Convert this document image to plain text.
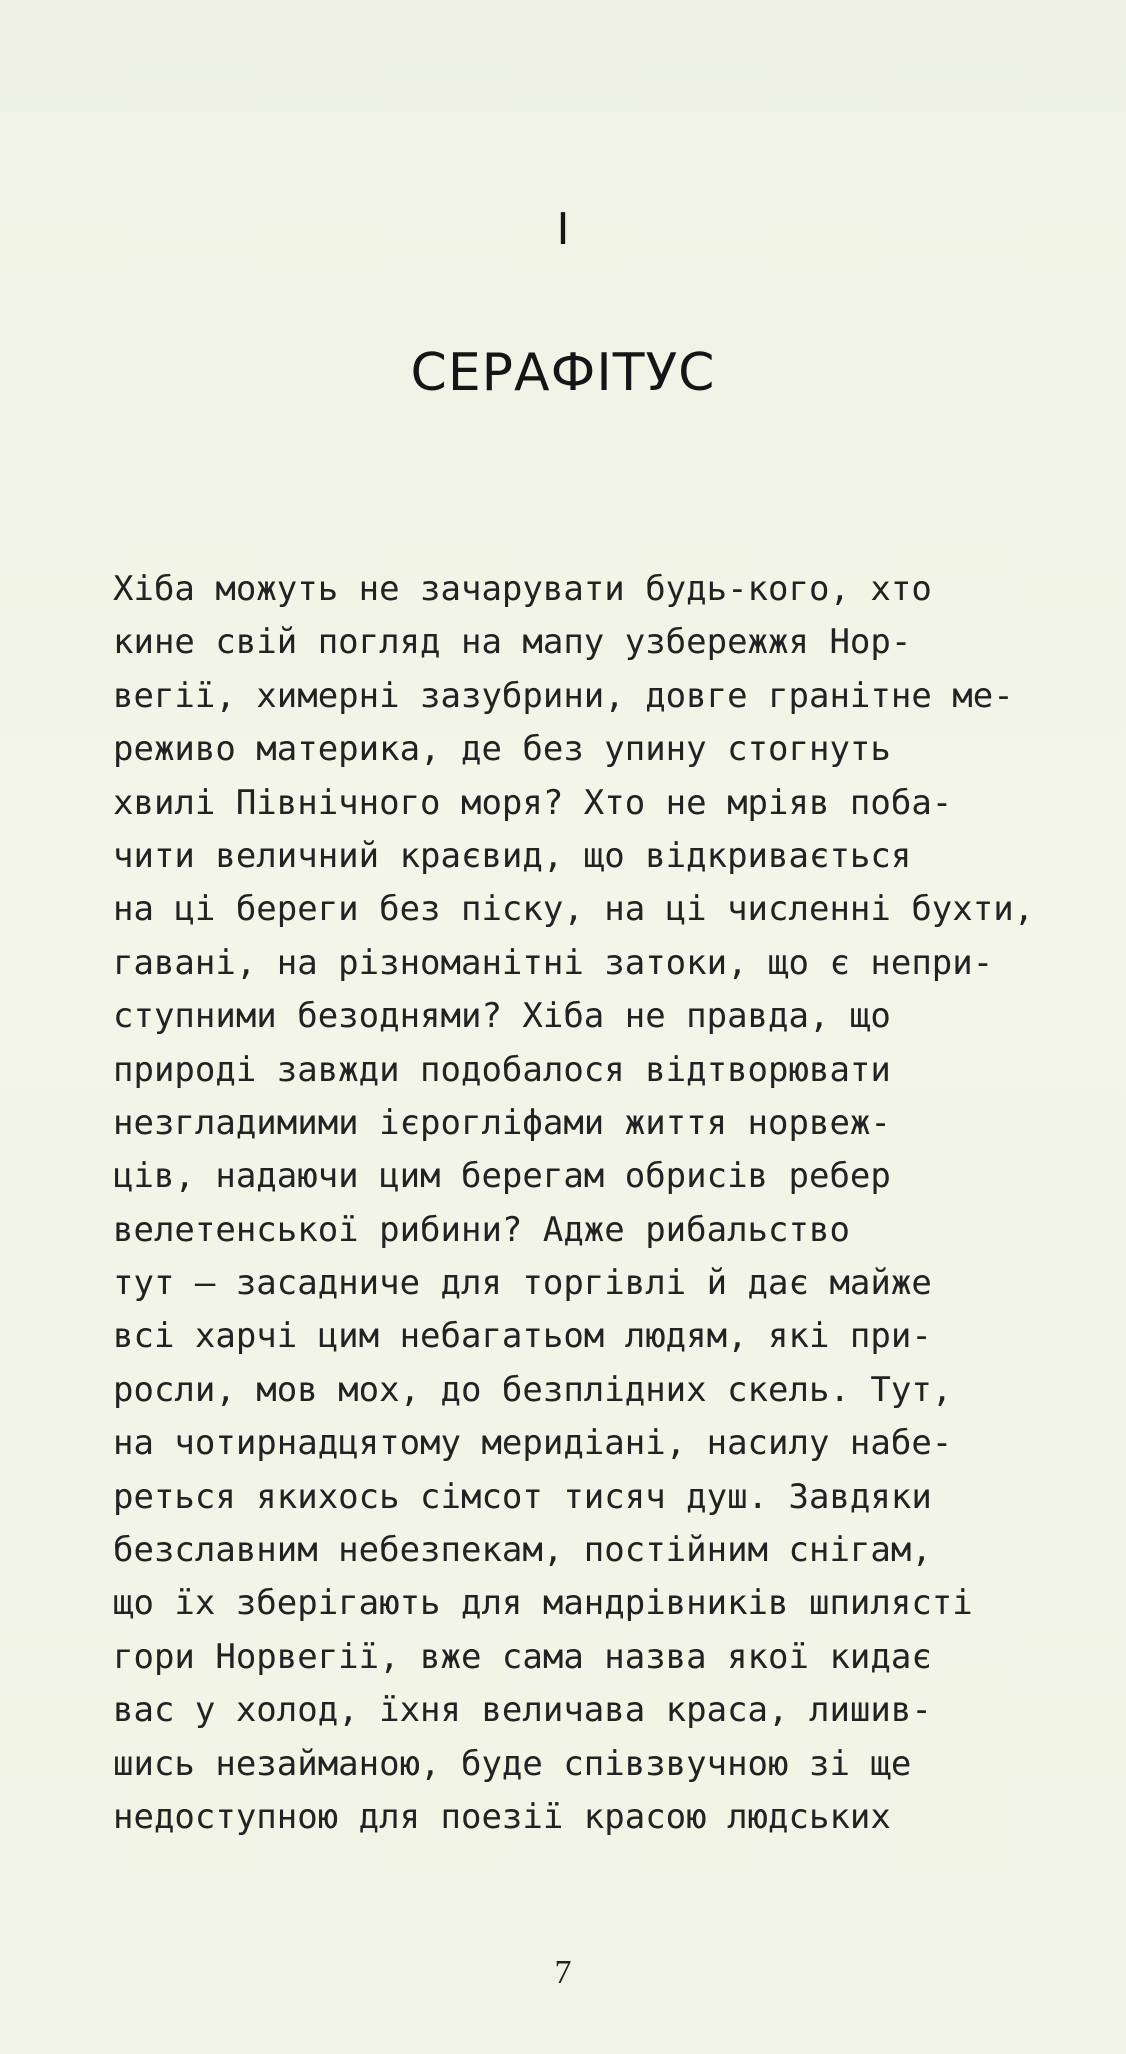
I
СЕРАФІТУС
Хіба можуть не зачарувати будь-кого, хто
кине свій погляд на мапу узбережжя Нор-
вегії, химерні зазубрини, довге гранітне ме-
реживо материка, де без упину стогнуть
хвилі Північного моря? Хто не мріяв поба-
чити величний краєвид, що відкривається
на ці береги без піску, на ці численні бухти,
гавані, на різноманітні затоки, що є непри-
ступними безоднями? Хіба не правда, що
природі завжди подобалося відтворювати
незгладимими ієрогліфами життя норвеж-
ців, надаючи цим берегам обрисів ребер
велетенської рибини? Адже рибальство
тут — засадниче для торгівлі й дає майже
всі харчі цим небагатьом людям, які при-
росли, мов мох, до безплідних скель. Тут,
на чотирнадцятому меридіані, насилу набе-
реться якихось сімсот тисяч душ. Завдяки
безславним небезпекам, постійним снігам,
що їх зберігають для мандрівників шпилясті
гори Норвегії, вже сама назва якої кидає
вас у холод, їхня величава краса, лишив-
шись незайманою, буде співзвучною зі ще
недоступною для поезії красою людських
7
